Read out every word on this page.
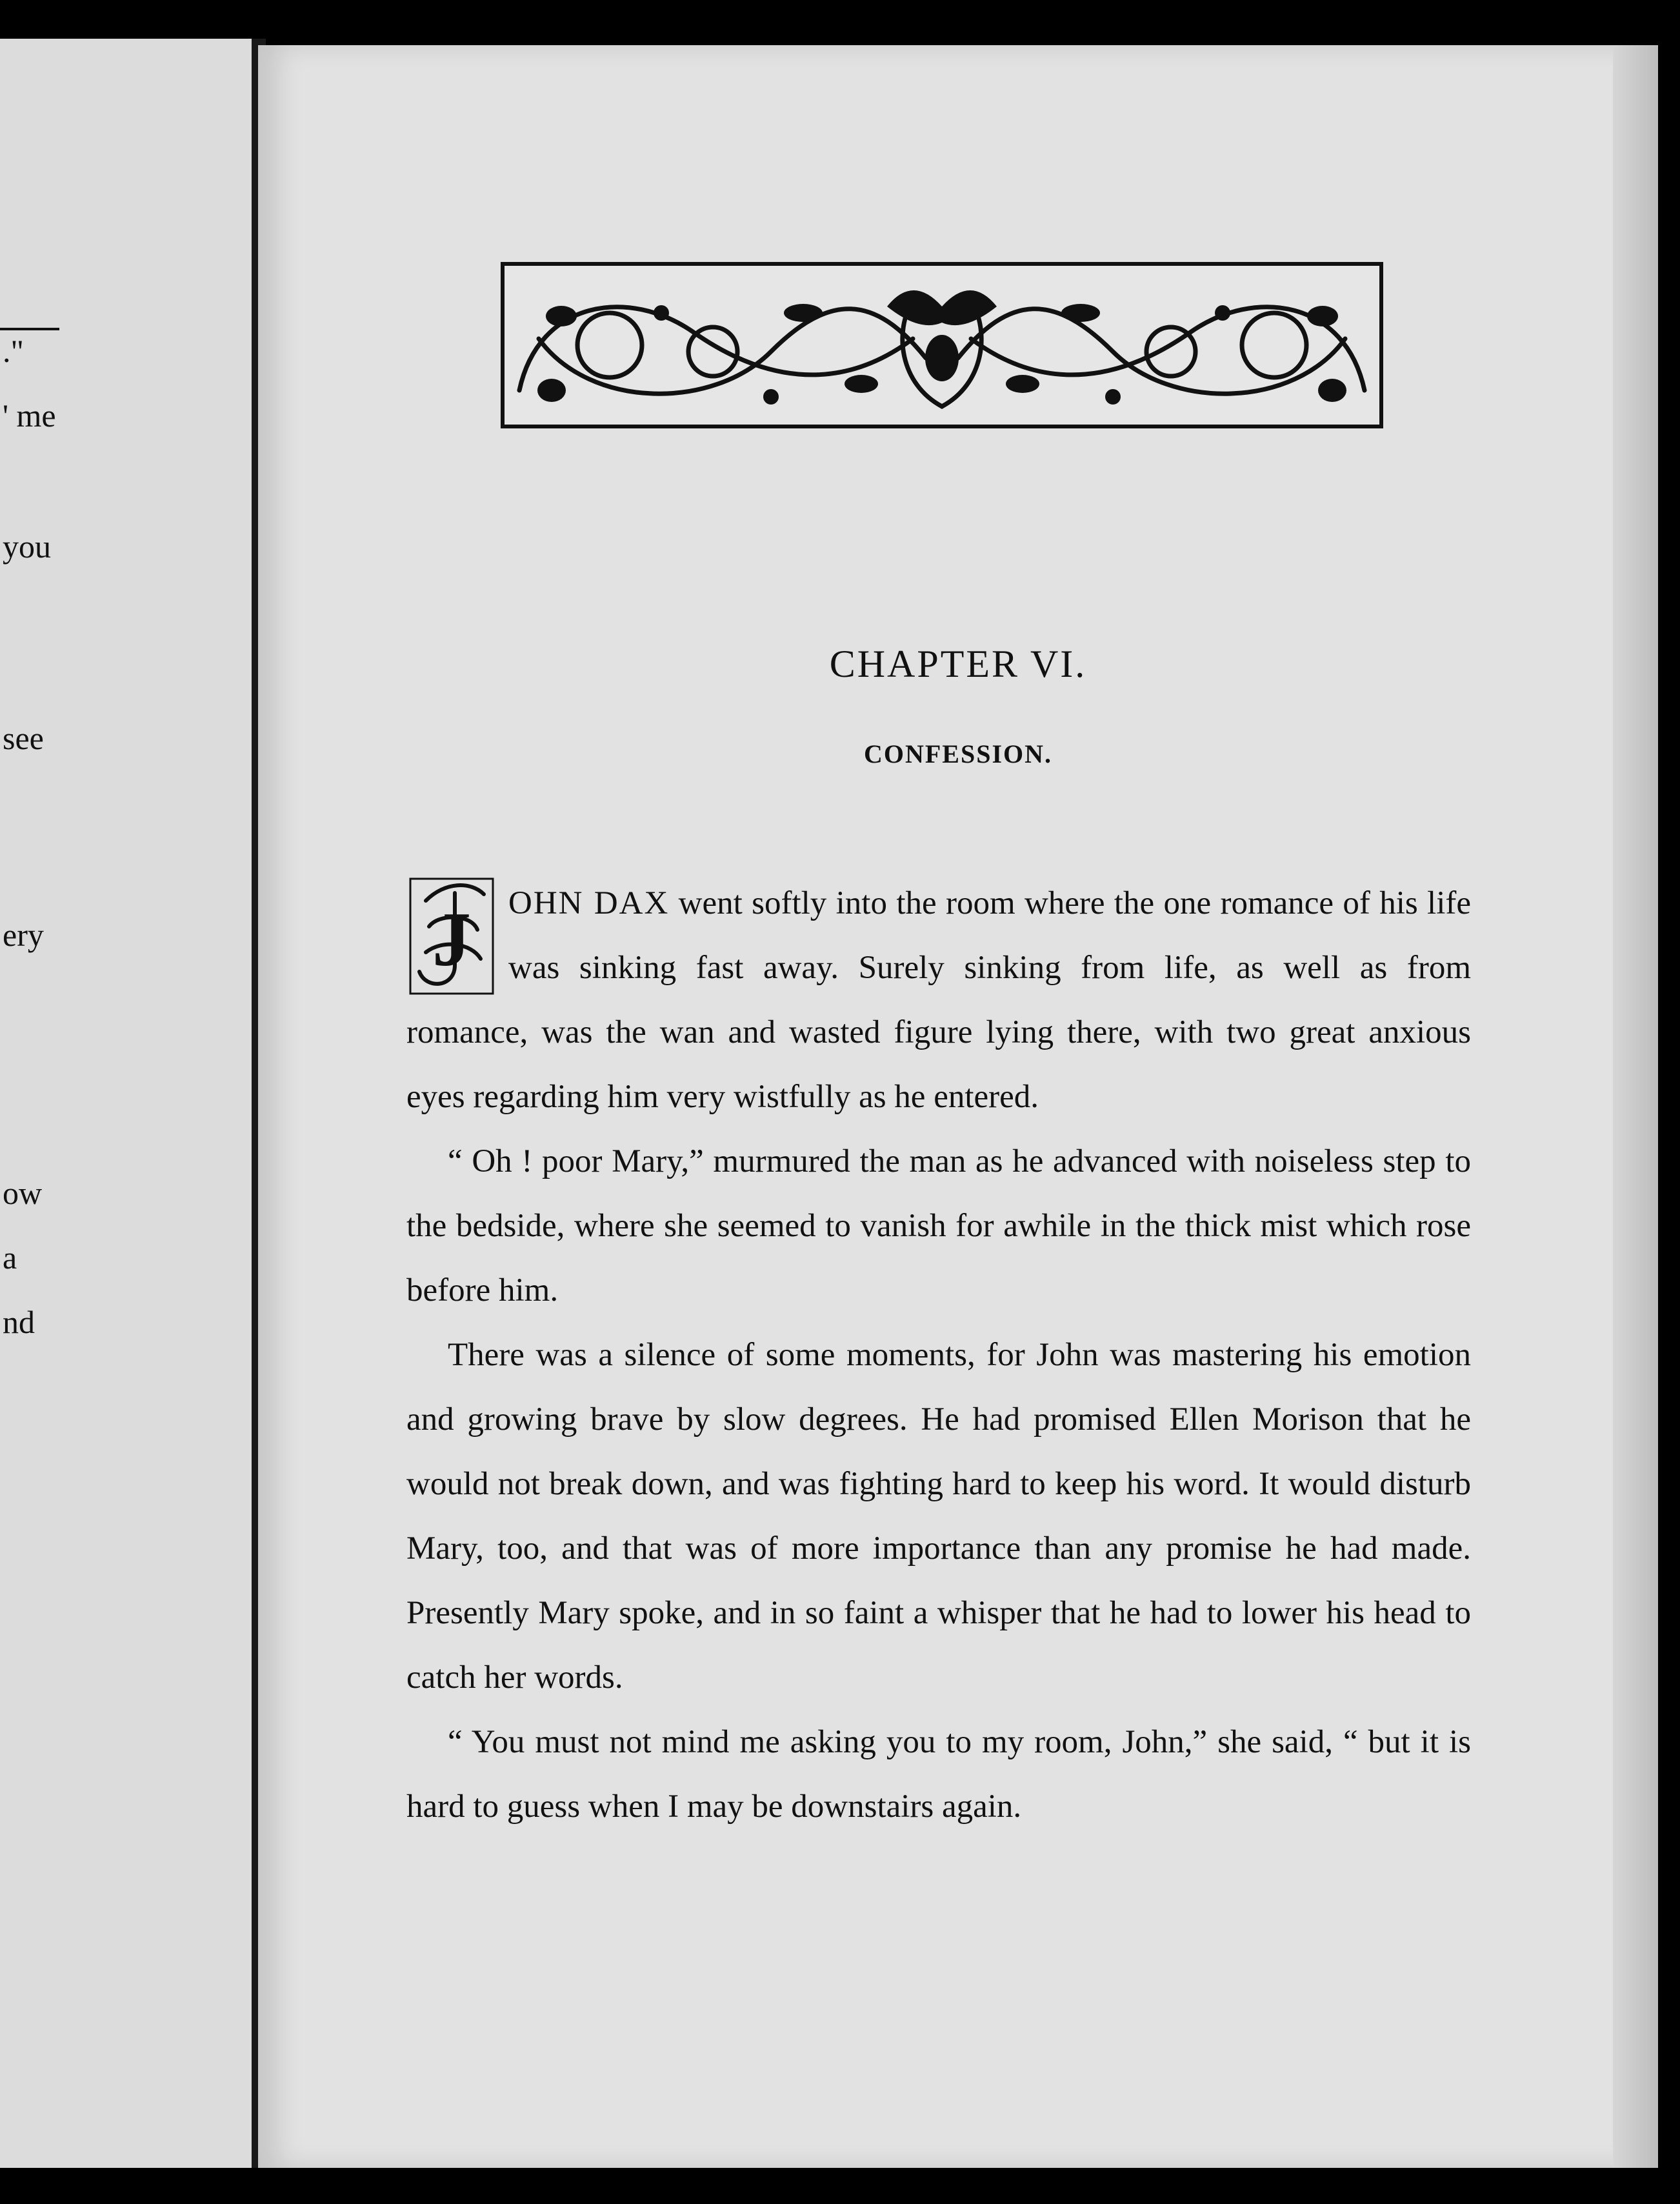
."
' me
you
see
ery
ow
a
nd
CHAPTER VI.
CONFESSION.

J OHN DAX went softly into the room where the one romance of his life was sinking fast away. Surely sinking from life, as well as from romance, was the wan and wasted figure lying there, with two great anxious eyes regarding him very wistfully as he entered.

“ Oh ! poor Mary,” murmured the man as he advanced with noiseless step to the bedside, where she seemed to vanish for awhile in the thick mist which rose before him.

There was a silence of some moments, for John was mastering his emotion and growing brave by slow degrees. He had promised Ellen Morison that he would not break down, and was fighting hard to keep his word. It would disturb Mary, too, and that was of more importance than any promise he had made. Presently Mary spoke, and in so faint a whisper that he had to lower his head to catch her words.

“ You must not mind me asking you to my room, John,” she said, “ but it is hard to guess when I may be downstairs again.
